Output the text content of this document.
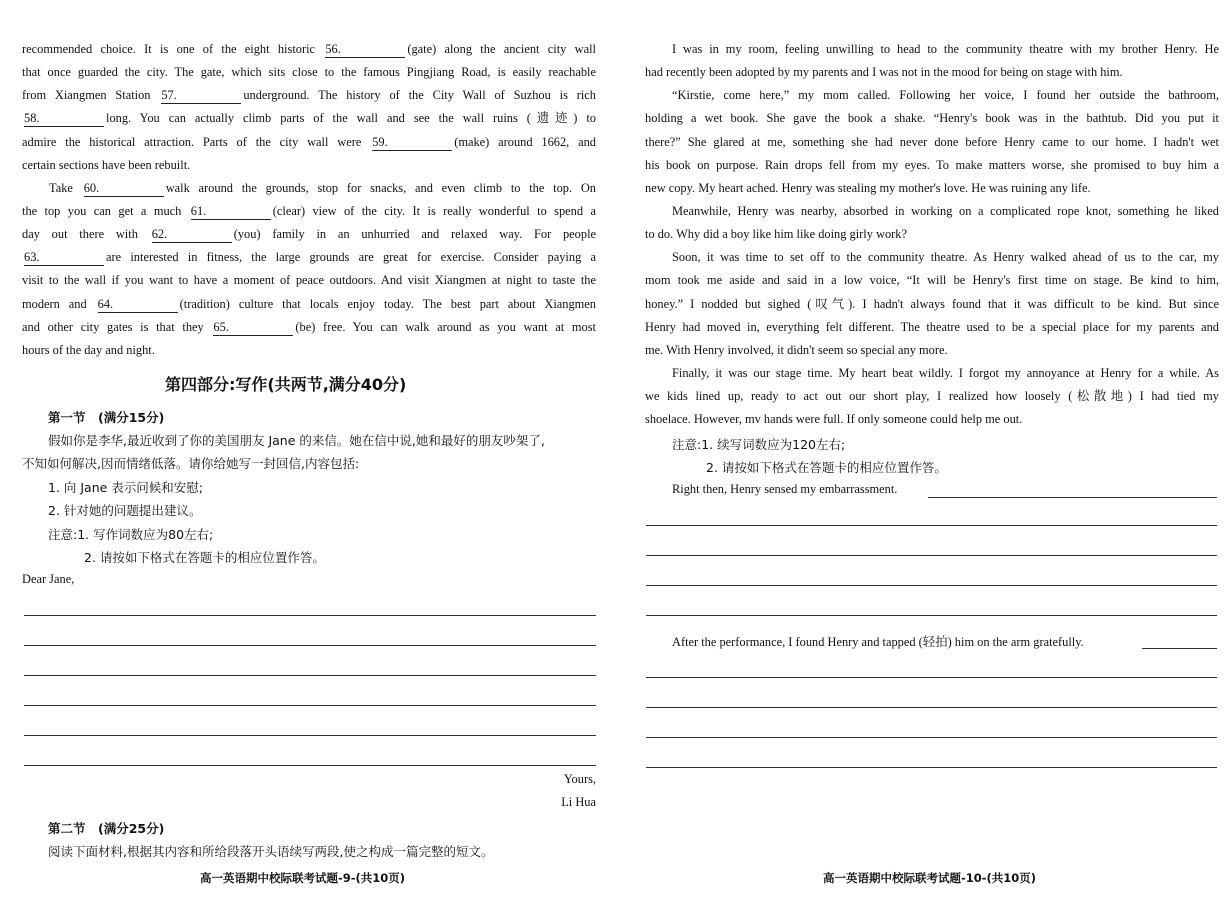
recommended choice. It is one of the eight historic 56.	(gate) along the ancient city wall
that once guarded the city. The gate, which sits close to the famous Pingjiang Road, is easily reachable
from Xiangmen Station 57.	underground. The history of the City Wall of Suzhou is rich
58.	long. You can actually climb parts of the wall and see the wall ruins (遗迹) to
admire the historical attraction. Parts of the city wall were 59.	(make) around 1662, and
certain sections have been rebuilt.
Take 60.	walk around the grounds, stop for snacks, and even climb to the top. On
the top you can get a much 61.	(clear) view of the city. It is really wonderful to spend a
day out there with 62.	(you) family in an unhurried and relaxed way. For people
63.	are interested in fitness, the large grounds are great for exercise. Consider paying a
visit to the wall if you want to have a moment of peace outdoors. And visit Xiangmen at night to taste the
modern and 64.	(tradition) culture that locals enjoy today. The best part about Xiangmen
and other city gates is that they 65.	(be) free. You can walk around as you want at most
hours of the day and night.
第四部分:写作(共两节,满分40分)
第一节　(满分15分)
假如你是李华,最近收到了你的美国朋友 Jane 的来信。她在信中说,她和最好的朋友吵架了,
不知如何解决,因而情绪低落。请你给她写一封回信,内容包括:
1. 向 Jane 表示问候和安慰;
2. 针对她的问题提出建议。
注意:1. 写作词数应为80左右;
2. 请按如下格式在答题卡的相应位置作答。
Dear Jane,
Yours,
Li Hua
第二节　(满分25分)
阅读下面材料,根据其内容和所给段落开头语续写两段,使之构成一篇完整的短文。
高一英语期中校际联考试题-9-(共10页)
I was in my room, feeling unwilling to head to the community theatre with my brother Henry. He
had recently been adopted by my parents and I was not in the mood for being on stage with him.
“Kirstie, come here,” my mom called. Following her voice, I found her outside the bathroom,
holding a wet book. She gave the book a shake. “Henry's book was in the bathtub. Did you put it
there?” She glared at me, something she had never done before Henry came to our home. I hadn't wet
his book on purpose. Rain drops fell from my eyes. To make matters worse, she promised to buy him a
new copy. My heart ached. Henry was stealing my mother's love. He was ruining any life.
Meanwhile, Henry was nearby, absorbed in working on a complicated rope knot, something he liked
to do. Why did a boy like him like doing girly work?
Soon, it was time to set off to the community theatre. As Henry walked ahead of us to the car, my
mom took me aside and said in a low voice, “It will be Henry's first time on stage. Be kind to him,
honey.” I nodded but sighed (叹气). I hadn't always found that it was difficult to be kind. But since
Henry had moved in, everything felt different. The theatre used to be a special place for my parents and
me. With Henry involved, it didn't seem so special any more.
Finally, it was our stage time. My heart beat wildly. I forgot my annoyance at Henry for a while. As
we kids lined up, ready to act out our short play, I realized how loosely (松散地) I had tied my
shoelace. However, mv hands were full. If only someone could help me out.
注意:1. 续写词数应为120左右;
2. 请按如下格式在答题卡的相应位置作答。
Right then, Henry sensed my embarrassment.
After the performance, I found Henry and tapped (轻拍) him on the arm gratefully.
高一英语期中校际联考试题-10-(共10页)
